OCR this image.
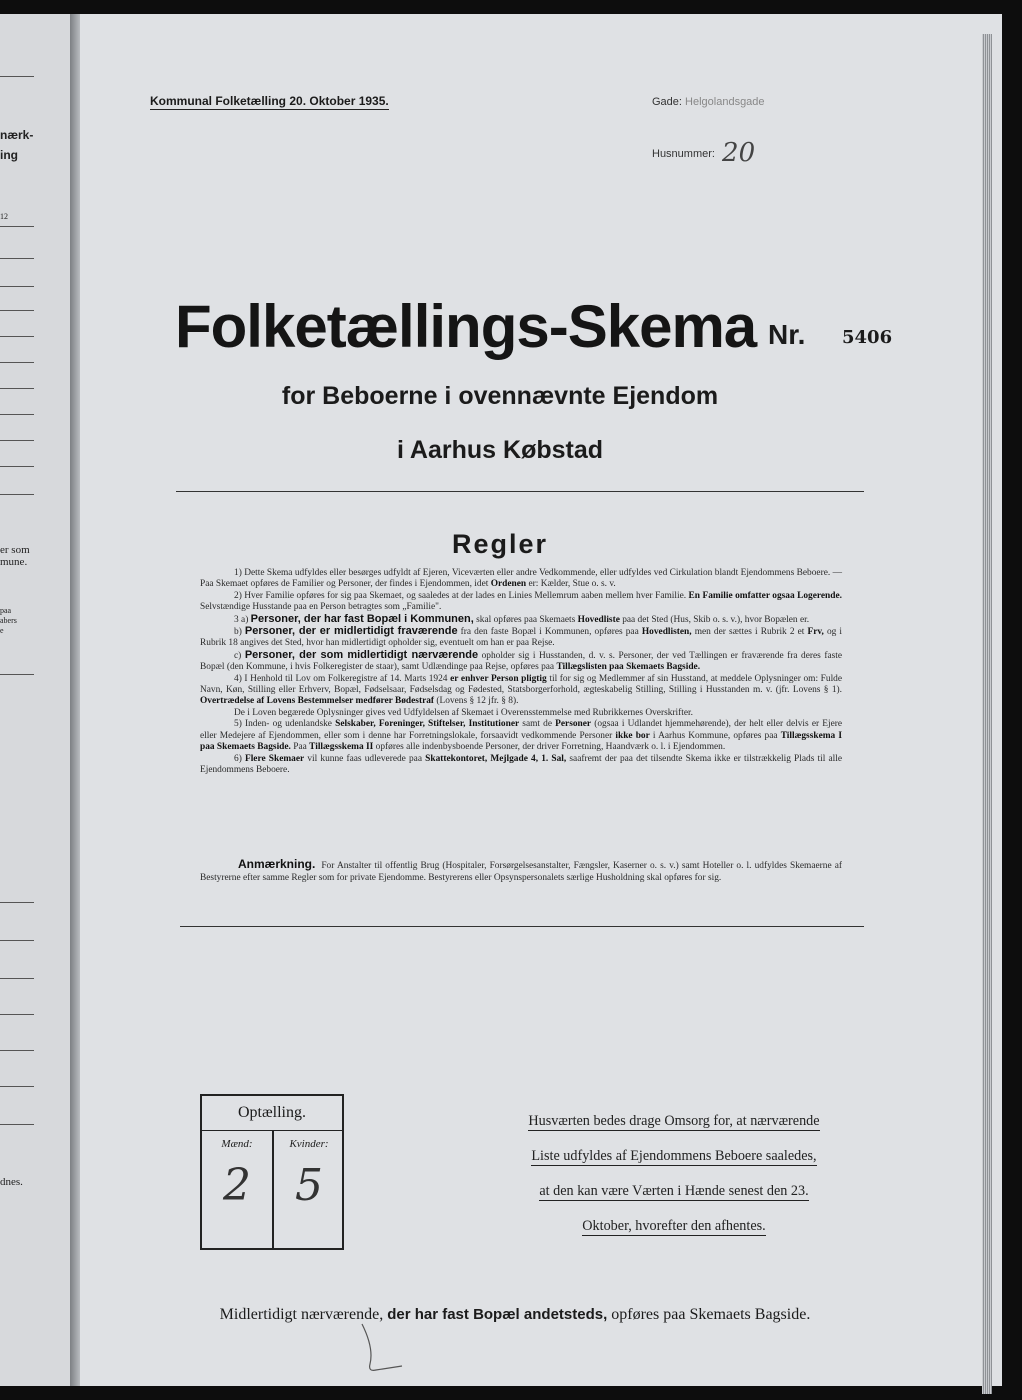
nærk-
ing
12
er som
mune.
paa
abers
e
dnes.
Kommunal Folketælling 20. Oktober 1935.	Gade: Helgolandsgade
Husnummer: 20
Folketællings-Skema Nr. 5406
for Beboerne i ovennævnte Ejendom
i Aarhus Købstad
Regler

1) Dette Skema udfyldes eller besørges udfyldt af Ejeren, Viceværten eller andre Vedkommende, eller udfyldes ved Cirkulation blandt Ejendommens Beboere. — Paa Skemaet opføres de Familier og Personer, der findes i Ejendommen, idet Ordenen er: Kælder, Stue o. s. v.

2) Hver Familie opføres for sig paa Skemaet, og saaledes at der lades en Linies Mellemrum aaben mellem hver Familie. En Familie omfatter ogsaa Logerende. Selvstændige Husstande paa en Person betragtes som „Familie".

3 a) Personer, der har fast Bopæl i Kommunen, skal opføres paa Skemaets Hovedliste paa det Sted (Hus, Skib o. s. v.), hvor Bopælen er.

b) Personer, der er midlertidigt fraværende fra den faste Bopæl i Kommunen, opføres paa Hovedlisten, men der sættes i Rubrik 2 et Frv, og i Rubrik 18 angives det Sted, hvor han midlertidigt opholder sig, eventuelt om han er paa Rejse.

c) Personer, der som midlertidigt nærværende opholder sig i Husstanden, d. v. s. Personer, der ved Tællingen er fraværende fra deres faste Bopæl (den Kommune, i hvis Folkeregister de staar), samt Udlændinge paa Rejse, opføres paa Tillægslisten paa Skemaets Bagside.

4) I Henhold til Lov om Folkeregistre af 14. Marts 1924 er enhver Person pligtig til for sig og Medlemmer af sin Husstand, at meddele Oplysninger om: Fulde Navn, Køn, Stilling eller Erhverv, Bopæl, Fødselsaar, Fødselsdag og Fødested, Statsborgerforhold, ægteskabelig Stilling, Stilling i Husstanden m. v. (jfr. Lovens § 1). Overtrædelse af Lovens Bestemmelser medfører Bødestraf (Lovens § 12 jfr. § 8).

De i Loven begærede Oplysninger gives ved Udfyldelsen af Skemaet i Overensstemmelse med Rubrikkernes Overskrifter.

5) Inden- og udenlandske Selskaber, Foreninger, Stiftelser, Institutioner samt de Personer (ogsaa i Udlandet hjemmehørende), der helt eller delvis er Ejere eller Medejere af Ejendommen, eller som i denne har Forretningslokale, forsaavidt vedkommende Personer ikke bor i Aarhus Kommune, opføres paa Tillægsskema I paa Skemaets Bagside. Paa Tillægsskema II opføres alle indenbysboende Personer, der driver Forretning, Haandværk o. l. i Ejendommen.

6) Flere Skemaer vil kunne faas udleverede paa Skattekontoret, Mejlgade 4, 1. Sal, saafremt der paa det tilsendte Skema ikke er tilstrækkelig Plads til alle Ejendommens Beboere.

Anmærkning. For Anstalter til offentlig Brug (Hospitaler, Forsørgelsesanstalter, Fængsler, Kaserner o. s. v.) samt Hoteller o. l. udfyldes Skemaerne af Bestyrerne efter samme Regler som for private Ejendomme. Bestyrerens eller Opsynspersonalets særlige Husholdning skal opføres for sig.
Optælling.
Mænd:	Kvinder:
2	5
Husværten bedes drage Omsorg for, at nærværende
Liste udfyldes af Ejendommens Beboere saaledes,
at den kan være Værten i Hænde senest den 23.
Oktober, hvorefter den afhentes.
Midlertidigt nærværende, der har fast Bopæl andetsteds, opføres paa Skemaets Bagside.
